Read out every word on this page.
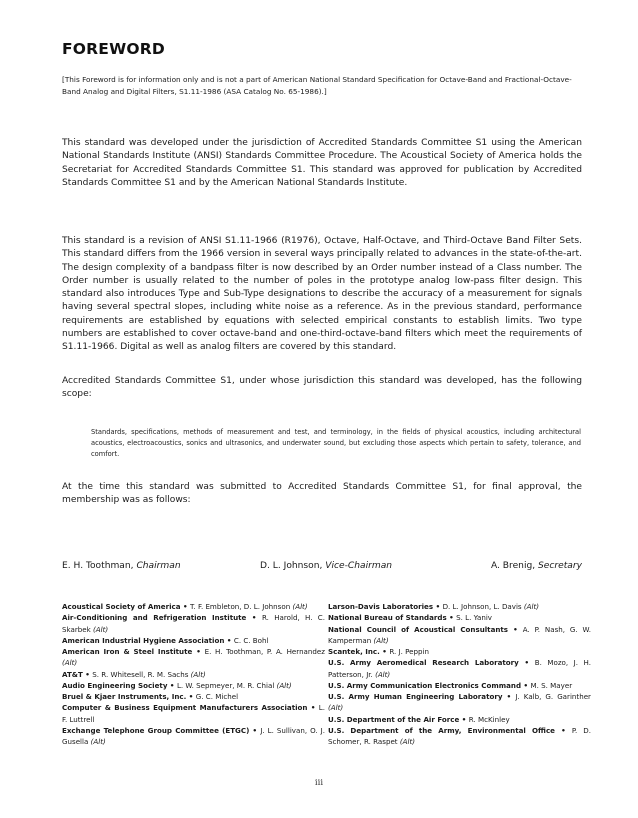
FOREWORD

[This Foreword is for information only and is not a part of American National Standard Specification for Octave-Band and Fractional-Octave-Band Analog and Digital Filters, S1.11-1986 (ASA Catalog No. 65-1986).]

This standard was developed under the jurisdiction of Accredited Standards Committee S1 using the American National Standards Institute (ANSI) Standards Committee Procedure. The Acoustical Society of America holds the Secretariat for Accredited Standards Committee S1. This standard was approved for publication by Accredited Standards Committee S1 and by the American National Standards Institute.

This standard is a revision of ANSI S1.11-1966 (R1976), Octave, Half-Octave, and Third-Octave Band Filter Sets. This standard differs from the 1966 version in several ways principally related to advances in the state-of-the-art. The design complexity of a bandpass filter is now described by an Order number instead of a Class number. The Order number is usually related to the number of poles in the prototype analog low-pass filter design. This standard also introduces Type and Sub-Type designations to describe the accuracy of a measurement for signals having several spectral slopes, including white noise as a reference. As in the previous standard, performance requirements are established by equations with selected empirical constants to establish limits. Two type numbers are established to cover octave-band and one-third-octave-band filters which meet the requirements of S1.11-1966. Digital as well as analog filters are covered by this standard.

Accredited Standards Committee S1, under whose jurisdiction this standard was developed, has the following scope:

Standards, specifications, methods of measurement and test, and terminology, in the fields of physical acoustics, including architectural acoustics, electroacoustics, sonics and ultrasonics, and underwater sound, but excluding those aspects which pertain to safety, tolerance, and comfort.

At the time this standard was submitted to Accredited Standards Committee S1, for final approval, the membership was as follows:

E. H. Toothman, Chairman	D. L. Johnson, Vice-Chairman	A. Brenig, Secretary

Acoustical Society of America • T. F. Embleton, D. L. Johnson (Alt)

Air-Conditioning and Refrigeration Institute • R. Harold, H. C. Skarbek (Alt)

American Industrial Hygiene Association • C. C. Bohl

American Iron & Steel Institute • E. H. Toothman, P. A. Hernandez (Alt)

AT&T • S. R. Whitesell, R. M. Sachs (Alt)

Audio Engineering Society • L. W. Sepmeyer, M. R. Chial (Alt)

Bruel & Kjaer Instruments, Inc. • G. C. Michel

Computer & Business Equipment Manufacturers Association • L. F. Luttrell

Exchange Telephone Group Committee (ETGC) • J. L. Sullivan, O. J. Gusella (Alt)

Larson-Davis Laboratories • D. L. Johnson, L. Davis (Alt)

National Bureau of Standards • S. L. Yaniv

National Council of Acoustical Consultants • A. P. Nash, G. W. Kamperman (Alt)

Scantek, Inc. • R. J. Peppin

U.S. Army Aeromedical Research Laboratory • B. Mozo, J. H. Patterson, Jr. (Alt)

U.S. Army Communication Electronics Command • M. S. Mayer

U.S. Army Human Engineering Laboratory • J. Kalb, G. Garinther (Alt)

U.S. Department of the Air Force • R. McKinley

U.S. Department of the Army, Environmental Office • P. D. Schomer, R. Raspet (Alt)

iii
